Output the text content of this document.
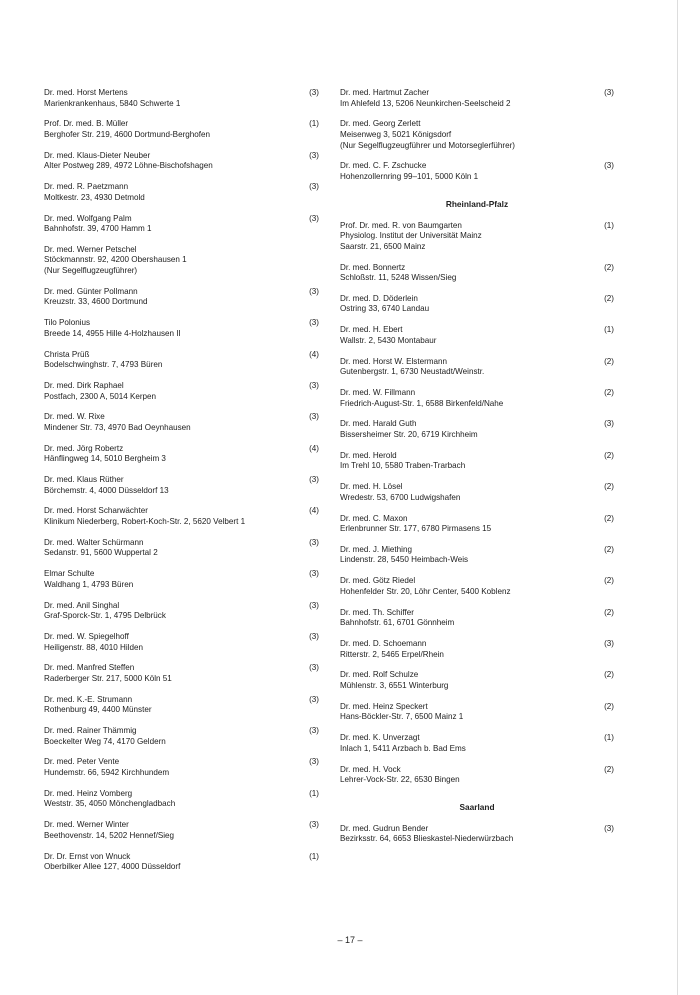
Dr. med. Horst Mertens
Marienkrankenhaus, 5840 Schwerte 1
(3)
Prof. Dr. med. B. Müller
Berghofer Str. 219, 4600 Dortmund-Berghofen
(1)
Dr. med. Klaus-Dieter Neuber
Alter Postweg 289, 4972 Löhne-Bischofshagen
(3)
Dr. med. R. Paetzmann
Moltkestr. 23, 4930 Detmold
(3)
Dr. med. Wolfgang Palm
Bahnhofstr. 39, 4700 Hamm 1
(3)
Dr. med. Werner Petschel
Stöckmannstr. 92, 4200 Obershausen 1
(Nur Segelflugzeugführer)
Dr. med. Günter Pollmann
Kreuzstr. 33, 4600 Dortmund
(3)
Tilo Polonius
Breede 14, 4955 Hille 4-Holzhausen II
(3)
Christa Prüß
Bodelschwinghstr. 7, 4793 Büren
(4)
Dr. med. Dirk Raphael
Postfach, 2300 A, 5014 Kerpen
(3)
Dr. med. W. Rixe
Mindener Str. 73, 4970 Bad Oeynhausen
(3)
Dr. med. Jörg Robertz
Hänflingweg 14, 5010 Bergheim 3
(4)
Dr. med. Klaus Rüther
Börchemstr. 4, 4000 Düsseldorf 13
(3)
Dr. med. Horst Scharwächter
Klinikum Niederberg, Robert-Koch-Str. 2, 5620 Velbert 1
(4)
Dr. med. Walter Schürmann
Sedanstr. 91, 5600 Wuppertal 2
(3)
Elmar Schulte
Waldhang 1, 4793 Büren
(3)
Dr. med. Anil Singhal
Graf-Sporck-Str. 1, 4795 Delbrück
(3)
Dr. med. W. Spiegelhoff
Heiligenstr. 88, 4010 Hilden
(3)
Dr. med. Manfred Steffen
Raderberger Str. 217, 5000 Köln 51
(3)
Dr. med. K.-E. Strumann
Rothenburg 49, 4400 Münster
(3)
Dr. med. Rainer Thämmig
Boeckelter Weg 74, 4170 Geldern
(3)
Dr. med. Peter Vente
Hundemstr. 66, 5942 Kirchhundem
(3)
Dr. med. Heinz Vomberg
Weststr. 35, 4050 Mönchengladbach
(1)
Dr. med. Werner Winter
Beethovenstr. 14, 5202 Hennef/Sieg
(3)
Dr. Dr. Ernst von Wnuck
Oberbilker Allee 127, 4000 Düsseldorf
(1)
Dr. med. Hartmut Zacher
Im Ahlefeld 13, 5206 Neunkirchen-Seelscheid 2
(3)
Dr. med. Georg Zerlett
Meisenweg 3, 5021 Königsdorf
(Nur Segelflugzeugführer und Motorseglerführer)
Dr. med. C. F. Zschucke
Hohenzollernring 99–101, 5000 Köln 1
(3)
Rheinland-Pfalz
Prof. Dr. med. R. von Baumgarten
Physiolog. Institut der Universität Mainz
Saarstr. 21, 6500 Mainz
(1)
Dr. med. Bonnertz
Schloßstr. 11, 5248 Wissen/Sieg
(2)
Dr. med. D. Döderlein
Ostring 33, 6740 Landau
(2)
Dr. med. H. Ebert
Wallstr. 2, 5430 Montabaur
(1)
Dr. med. Horst W. Elstermann
Gutenbergstr. 1, 6730 Neustadt/Weinstr.
(2)
Dr. med. W. Fillmann
Friedrich-August-Str. 1, 6588 Birkenfeld/Nahe
(2)
Dr. med. Harald Guth
Bissersheimer Str. 20, 6719 Kirchheim
(3)
Dr. med. Herold
Im Trehl 10, 5580 Traben-Trarbach
(2)
Dr. med. H. Lösel
Wredestr. 53, 6700 Ludwigshafen
(2)
Dr. med. C. Maxon
Erlenbrunner Str. 177, 6780 Pirmasens 15
(2)
Dr. med. J. Miething
Lindenstr. 28, 5450 Heimbach-Weis
(2)
Dr. med. Götz Riedel
Hohenfelder Str. 20, Löhr Center, 5400 Koblenz
(2)
Dr. med. Th. Schiffer
Bahnhofstr. 61, 6701 Gönnheim
(2)
Dr. med. D. Schoemann
Ritterstr. 2, 5465 Erpel/Rhein
(3)
Dr. med. Rolf Schulze
Mühlenstr. 3, 6551 Winterburg
(2)
Dr. med. Heinz Speckert
Hans-Böckler-Str. 7, 6500 Mainz 1
(2)
Dr. med. K. Unverzagt
Inlach 1, 5411 Arzbach b. Bad Ems
(1)
Dr. med. H. Vock
Lehrer-Vock-Str. 22, 6530 Bingen
(2)
Saarland
Dr. med. Gudrun Bender
Bezirksstr. 64, 6653 Blieskastel-Niederwürzbach
(3)
– 17 –
